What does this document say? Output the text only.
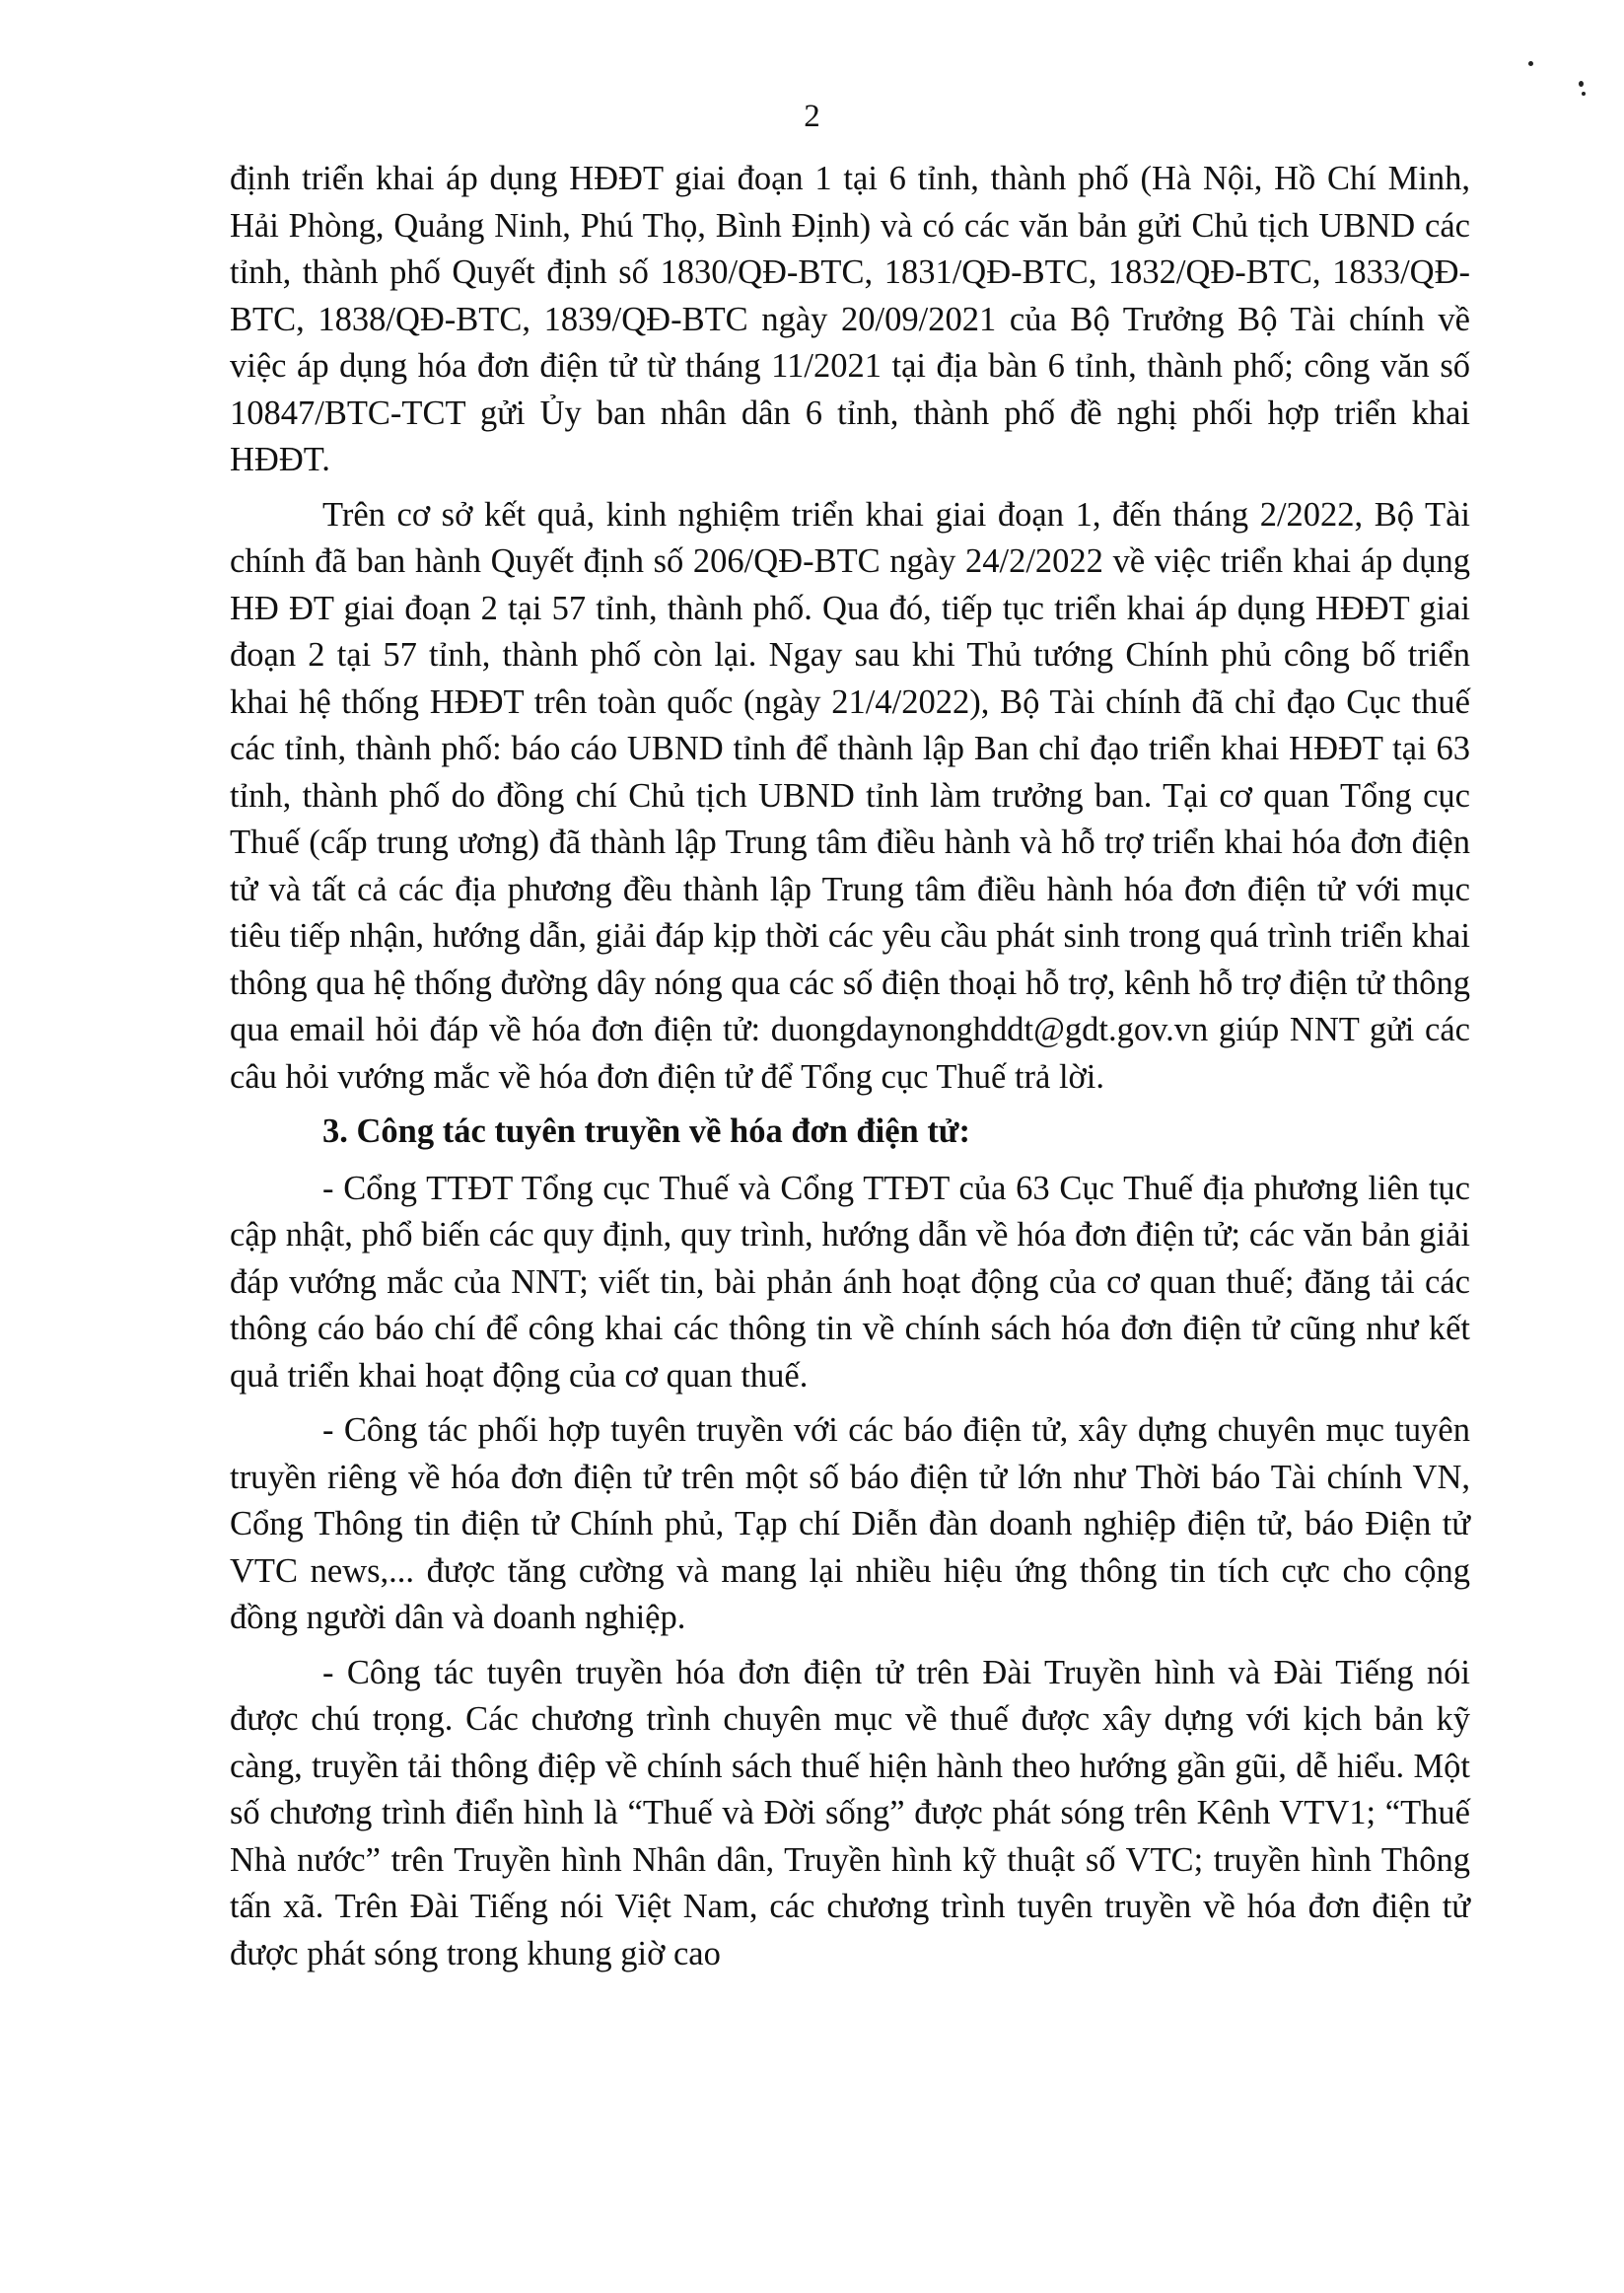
2

định triển khai áp dụng HĐĐT giai đoạn 1 tại 6 tỉnh, thành phố (Hà Nội, Hồ Chí Minh, Hải Phòng, Quảng Ninh, Phú Thọ, Bình Định) và có các văn bản gửi Chủ tịch UBND các tỉnh, thành phố Quyết định số 1830/QĐ-BTC, 1831/QĐ-BTC, 1832/QĐ-BTC, 1833/QĐ-BTC, 1838/QĐ-BTC, 1839/QĐ-BTC ngày 20/09/2021 của Bộ Trưởng Bộ Tài chính về việc áp dụng hóa đơn điện tử từ tháng 11/2021 tại địa bàn 6 tỉnh, thành phố; công văn số 10847/BTC-TCT gửi Ủy ban nhân dân 6 tỉnh, thành phố đề nghị phối hợp triển khai HĐĐT.

Trên cơ sở kết quả, kinh nghiệm triển khai giai đoạn 1, đến tháng 2/2022, Bộ Tài chính đã ban hành Quyết định số 206/QĐ-BTC ngày 24/2/2022 về việc triển khai áp dụng HĐ ĐT giai đoạn 2 tại 57 tỉnh, thành phố. Qua đó, tiếp tục triển khai áp dụng HĐĐT giai đoạn 2 tại 57 tỉnh, thành phố còn lại. Ngay sau khi Thủ tướng Chính phủ công bố triển khai hệ thống HĐĐT trên toàn quốc (ngày 21/4/2022), Bộ Tài chính đã chỉ đạo Cục thuế các tỉnh, thành phố: báo cáo UBND tỉnh để thành lập Ban chỉ đạo triển khai HĐĐT tại 63 tỉnh, thành phố do đồng chí Chủ tịch UBND tỉnh làm trưởng ban. Tại cơ quan Tổng cục Thuế (cấp trung ương) đã thành lập Trung tâm điều hành và hỗ trợ triển khai hóa đơn điện tử và tất cả các địa phương đều thành lập Trung tâm điều hành hóa đơn điện tử với mục tiêu tiếp nhận, hướng dẫn, giải đáp kịp thời các yêu cầu phát sinh trong quá trình triển khai thông qua hệ thống đường dây nóng qua các số điện thoại hỗ trợ, kênh hỗ trợ điện tử thông qua email hỏi đáp về hóa đơn điện tử: duongdaynonghddt@gdt.gov.vn giúp NNT gửi các câu hỏi vướng mắc về hóa đơn điện tử để Tổng cục Thuế trả lời.

3. Công tác tuyên truyền về hóa đơn điện tử:

- Cổng TTĐT Tổng cục Thuế và Cổng TTĐT của 63 Cục Thuế địa phương liên tục cập nhật, phổ biến các quy định, quy trình, hướng dẫn về hóa đơn điện tử; các văn bản giải đáp vướng mắc của NNT; viết tin, bài phản ánh hoạt động của cơ quan thuế; đăng tải các thông cáo báo chí để công khai các thông tin về chính sách hóa đơn điện tử cũng như kết quả triển khai hoạt động của cơ quan thuế.

- Công tác phối hợp tuyên truyền với các báo điện tử, xây dựng chuyên mục tuyên truyền riêng về hóa đơn điện tử trên một số báo điện tử lớn như Thời báo Tài chính VN, Cổng Thông tin điện tử Chính phủ, Tạp chí Diễn đàn doanh nghiệp điện tử, báo Điện tử VTC news,... được tăng cường và mang lại nhiều hiệu ứng thông tin tích cực cho cộng đồng người dân và doanh nghiệp.

- Công tác tuyên truyền hóa đơn điện tử trên Đài Truyền hình và Đài Tiếng nói được chú trọng. Các chương trình chuyên mục về thuế được xây dựng với kịch bản kỹ càng, truyền tải thông điệp về chính sách thuế hiện hành theo hướng gần gũi, dễ hiểu. Một số chương trình điển hình là “Thuế và Đời sống” được phát sóng trên Kênh VTV1; “Thuế Nhà nước” trên Truyền hình Nhân dân, Truyền hình kỹ thuật số VTC; truyền hình Thông tấn xã. Trên Đài Tiếng nói Việt Nam, các chương trình tuyên truyền về hóa đơn điện tử được phát sóng trong khung giờ cao
